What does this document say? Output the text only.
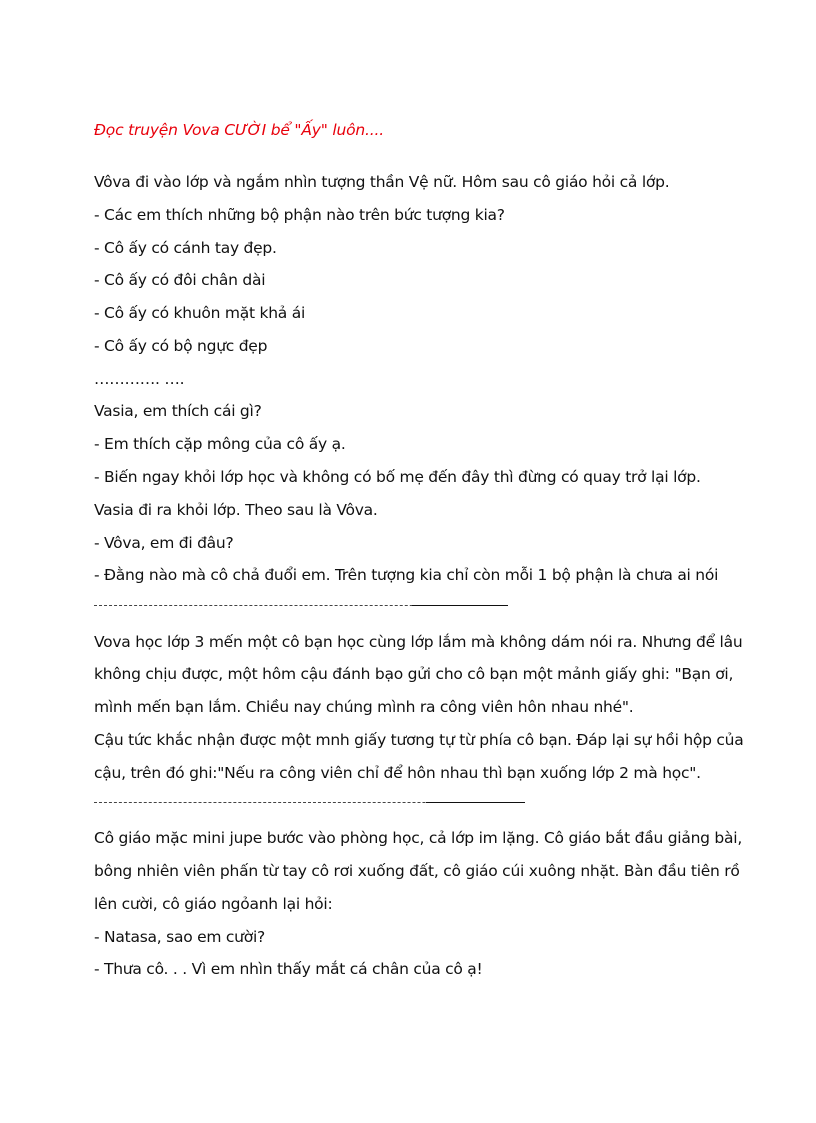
Đọc truyện Vova CƯỜI bể "Ấy" luôn....
Vôva đi vào lớp và ngắm nhìn tượng thần Vệ nữ. Hôm sau cô giáo hỏi cả lớp.
- Các em thích những bộ phận nào trên bức tượng kia?
- Cô ấy có cánh tay đẹp.
- Cô ấy có đôi chân dài
- Cô ấy có khuôn mặt khả ái
- Cô ấy có bộ ngực đẹp
…………. ….
Vasia, em thích cái gì?
- Em thích cặp mông của cô ấy ạ.
- Biến ngay khỏi lớp học và không có bố mẹ đến đây thì đừng có quay trở lại lớp.
Vasia đi ra khỏi lớp. Theo sau là Vôva.
- Vôva, em đi đâu?
- Đằng nào mà cô chả đuổi em. Trên tượng kia chỉ còn mỗi 1 bộ phận là chưa ai nói
Vova học lớp 3 mến một cô bạn học cùng lớp lắm mà không dám nói ra. Nhưng để lâu
không chịu được, một hôm cậu đánh bạo gửi cho cô bạn một mảnh giấy ghi: "Bạn ơi,
mình mến bạn lắm. Chiều nay chúng mình ra công viên hôn nhau nhé".
Cậu tức khắc nhận được một mnh giấy tương tự từ phía cô bạn. Đáp lại sự hồi hộp của
cậu, trên đó ghi:"Nếu ra công viên chỉ để hôn nhau thì bạn xuống lớp 2 mà học".
Cô giáo mặc mini jupe bước vào phòng học, cả lớp im lặng. Cô giáo bắt đầu giảng bài,
bông nhiên viên phấn từ tay cô rơi xuống đất, cô giáo cúi xuông nhặt. Bàn đầu tiên rồ
lên cười, cô giáo ngỏanh lại hỏi:
- Natasa, sao em cười?
- Thưa cô. . . Vì em nhìn thấy mắt cá chân của cô ạ!
